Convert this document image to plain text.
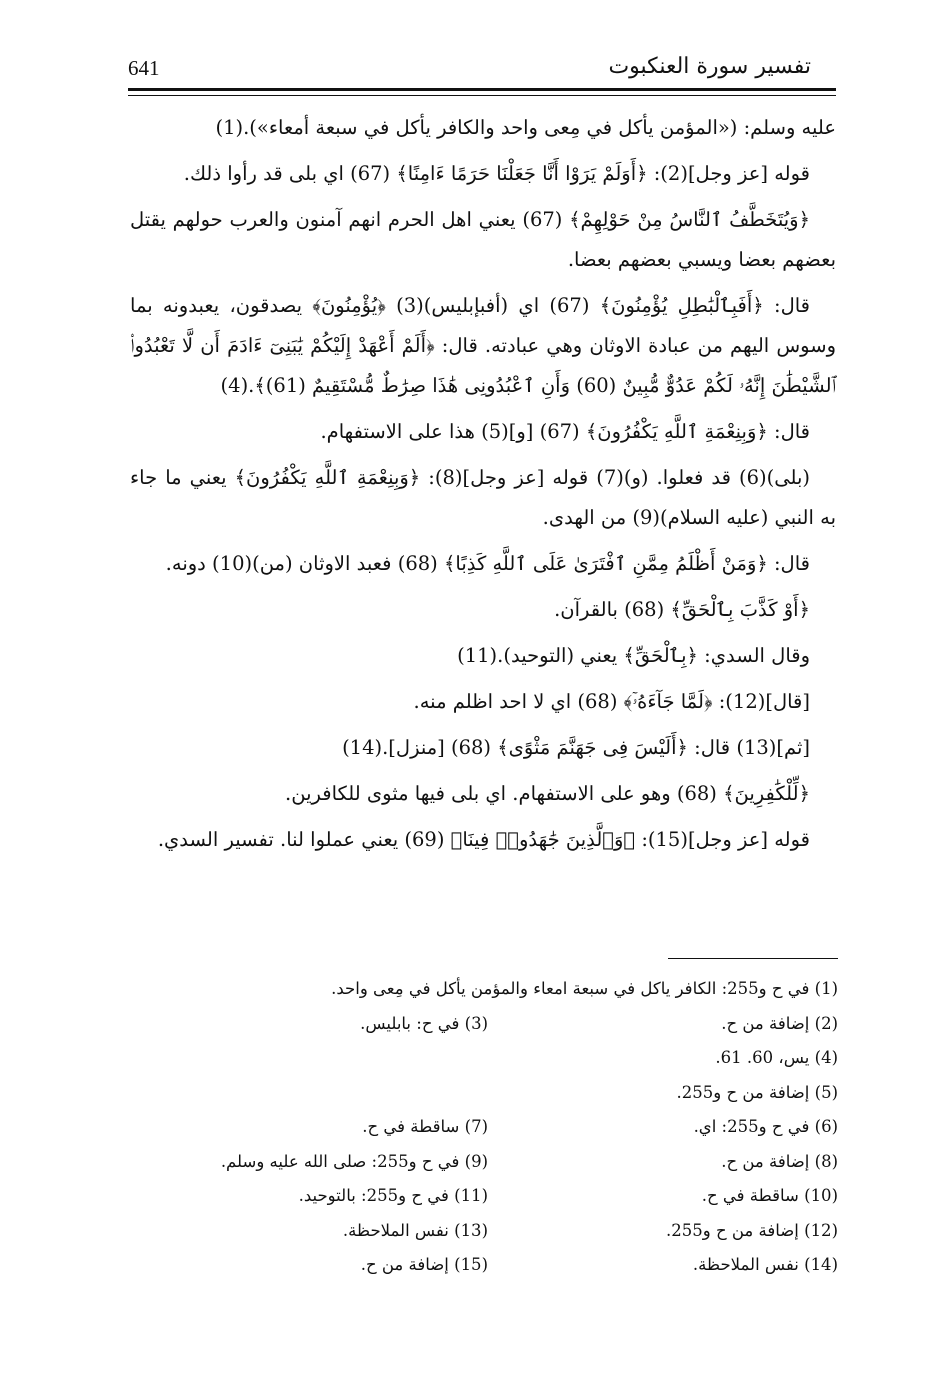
641	تفسير سورة العنكبوت

عليه وسلم: («المؤمن يأكل في مِعى واحد والكافر يأكل في سبعة أمعاء»).(1)

قوله [عز وجل](2): ﴿أَوَلَمْ يَرَوْا أَنَّا جَعَلْنَا حَرَمًا ءَامِنًا﴾ (67) اي بلى قد رأوا ذلك.

﴿وَيُتَخَطَّفُ ٱلنَّاسُ مِنْ حَوْلِهِمْ﴾ (67) يعني اهل الحرم انهم آمنون والعرب حولهم يقتل بعضهم بعضا ويسبي بعضهم بعضا.

قال: ﴿أَفَبِٱلْبَٰطِلِ يُؤْمِنُونَ﴾ (67) اي (أفبإبليس)(3) ﴿يُؤْمِنُونَ﴾ يصدقون، يعبدونه بما وسوس اليهم من عبادة الاوثان وهي عبادته. قال: ﴿أَلَمْ أَعْهَدْ إِلَيْكُمْ يَٰبَنِىٓ ءَادَمَ أَن لَّا تَعْبُدُوا۟ ٱلشَّيْطَٰنَ إِنَّهُۥ لَكُمْ عَدُوٌّ مُّبِينٌ (60) وَأَنِ ٱعْبُدُونِى هَٰذَا صِرَٰطٌ مُّسْتَقِيمٌ (61)﴾.(4)

قال: ﴿وَبِنِعْمَةِ ٱللَّهِ يَكْفُرُونَ﴾ (67) [و](5) هذا على الاستفهام.

(بلى)(6) قد فعلوا. (و)(7) قوله [عز وجل](8): ﴿وَبِنِعْمَةِ ٱللَّهِ يَكْفُرُونَ﴾ يعني ما جاء به النبي (عليه السلام)(9) من الهدى.

قال: ﴿وَمَنْ أَظْلَمُ مِمَّنِ ٱفْتَرَىٰ عَلَى ٱللَّهِ كَذِبًا﴾ (68) فعبد الاوثان (من)(10) دونه.

﴿أَوْ كَذَّبَ بِٱلْحَقِّ﴾ (68) بالقرآن.

وقال السدي: ﴿بِٱلْحَقِّ﴾ يعني (التوحيد).(11)

[قال](12): ﴿لَمَّا جَآءَهُۥٓ﴾ (68) اي لا احد اظلم منه.

[ثم](13) قال: ﴿أَلَيْسَ فِى جَهَنَّمَ مَثْوًى﴾ (68) [منزل].(14)

﴿لِّلْكَٰفِرِينَ﴾ (68) وهو على الاستفهام. اي بلى فيها مثوى للكافرين.

قوله [عز وجل](15): ﴿وَٱلَّذِينَ جَٰهَدُوا۟ فِينَا﴾ (69) يعني عملوا لنا. تفسير السدي.

(1) في ح و255: الكافر ياكل في سبعة امعاء والمؤمن يأكل في مِعى واحد.
(2) إضافة من ح.
(3) في ح: بابليس.
(4) يس، 60. 61.
(5) إضافة من ح و255.
(6) في ح و255: اي.
(7) ساقطة في ح.
(8) إضافة من ح.
(9) في ح و255: صلى الله عليه وسلم.
(10) ساقطة في ح.
(11) في ح و255: بالتوحيد.
(12) إضافة من ح و255.
(13) نفس الملاحظة.
(14) نفس الملاحظة.
(15) إضافة من ح.
